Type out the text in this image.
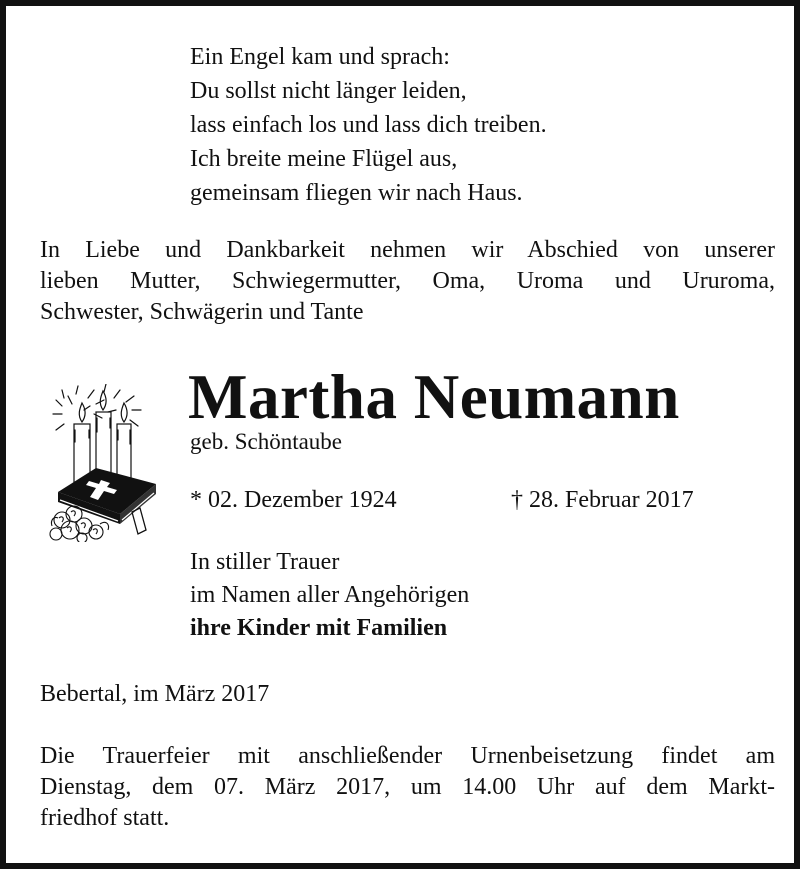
Ein Engel kam und sprach:
Du sollst nicht länger leiden,
lass einfach los und lass dich treiben.
Ich breite meine Flügel aus,
gemeinsam fliegen wir nach Haus.
In Liebe und Dankbarkeit nehmen wir Abschied von unserer
lieben Mutter, Schwiegermutter, Oma, Uroma und Ururoma,
Schwester, Schwägerin und Tante
Martha Neumann
geb. Schöntaube
* 02. Dezember 1924	† 28. Februar 2017
In stiller Trauer
im Namen aller Angehörigen
ihre Kinder mit Familien
Bebertal, im März 2017
Die Trauerfeier mit anschließender Urnenbeisetzung findet am
Dienstag, dem 07. März 2017, um 14.00 Uhr auf dem Markt-
friedhof statt.
